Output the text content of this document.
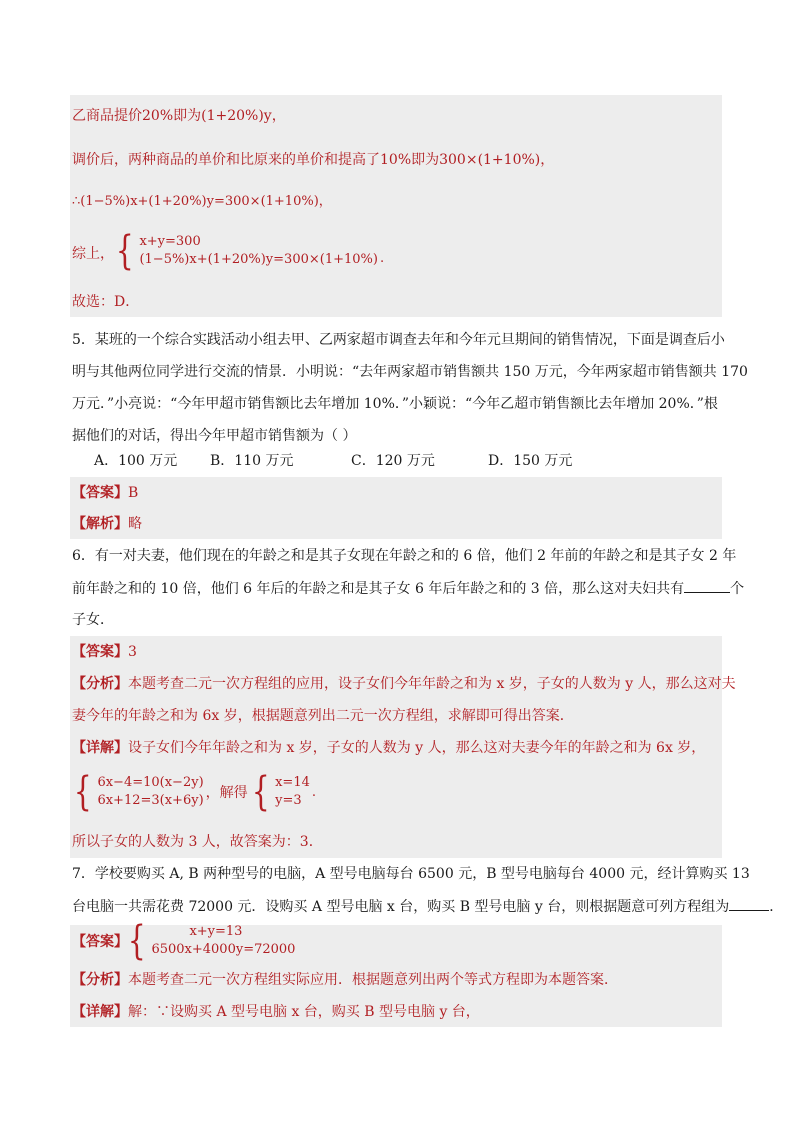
乙商品提价20%即为(1+20%)y，
调价后，两种商品的单价和比原来的单价和提高了10%即为300×(1+10%)，
∴(1−5%)x+(1+20%)y=300×(1+10%)，
综上， { x+y=300
(1−5%)x+(1+20%)y=300×(1+10%) .
故选：D．
5．某班的一个综合实践活动小组去甲、乙两家超市调查去年和今年元旦期间的销售情况，下面是调查后小
明与其他两位同学进行交流的情景．小明说：“去年两家超市销售额共 150 万元，今年两家超市销售额共 170
万元．”小亮说：“今年甲超市销售额比去年增加 10%．”小颖说：“今年乙超市销售额比去年增加 20%．”根
据他们的对话，得出今年甲超市销售额为（ ）
A．100 万元 B．110 万元	C．120 万元	D．150 万元
【答案】B
【解析】略
6．有一对夫妻，他们现在的年龄之和是其子女现在年龄之和的 6 倍，他们 2 年前的年龄之和是其子女 2 年
前年龄之和的 10 倍，他们 6 年后的年龄之和是其子女 6 年后年龄之和的 3 倍，那么这对夫妇共有	个
子女．
【答案】3
【分析】本题考查二元一次方程组的应用，设子女们今年年龄之和为 x 岁，子女的人数为 y 人，那么这对夫
妻今年的年龄之和为 6x 岁，根据题意列出二元一次方程组，求解即可得出答案．
【详解】设子女们今年年龄之和为 x 岁，子女的人数为 y 人，那么这对夫妻今年的年龄之和为 6x 岁，
{ 6x−4=10(x−2y)
6x+12=3(x+6y) ，解得 { x=14
y=3
.
所以子女的人数为 3 人，故答案为：3．
7．学校要购买 A, B 两种型号的电脑，A 型号电脑每台 6500 元，B 型号电脑每台 4000 元，经计算购买 13
台电脑一共需花费 72000 元．设购买 A 型号电脑 x 台，购买 B 型号电脑 y 台，则根据题意可列方程组为	．
【答案】 {	x+y=13
6500x+4000y=72000
【分析】本题考查二元一次方程组实际应用．根据题意列出两个等式方程即为本题答案．
【详解】解：∵设购买 A 型号电脑 x 台，购买 B 型号电脑 y 台，
